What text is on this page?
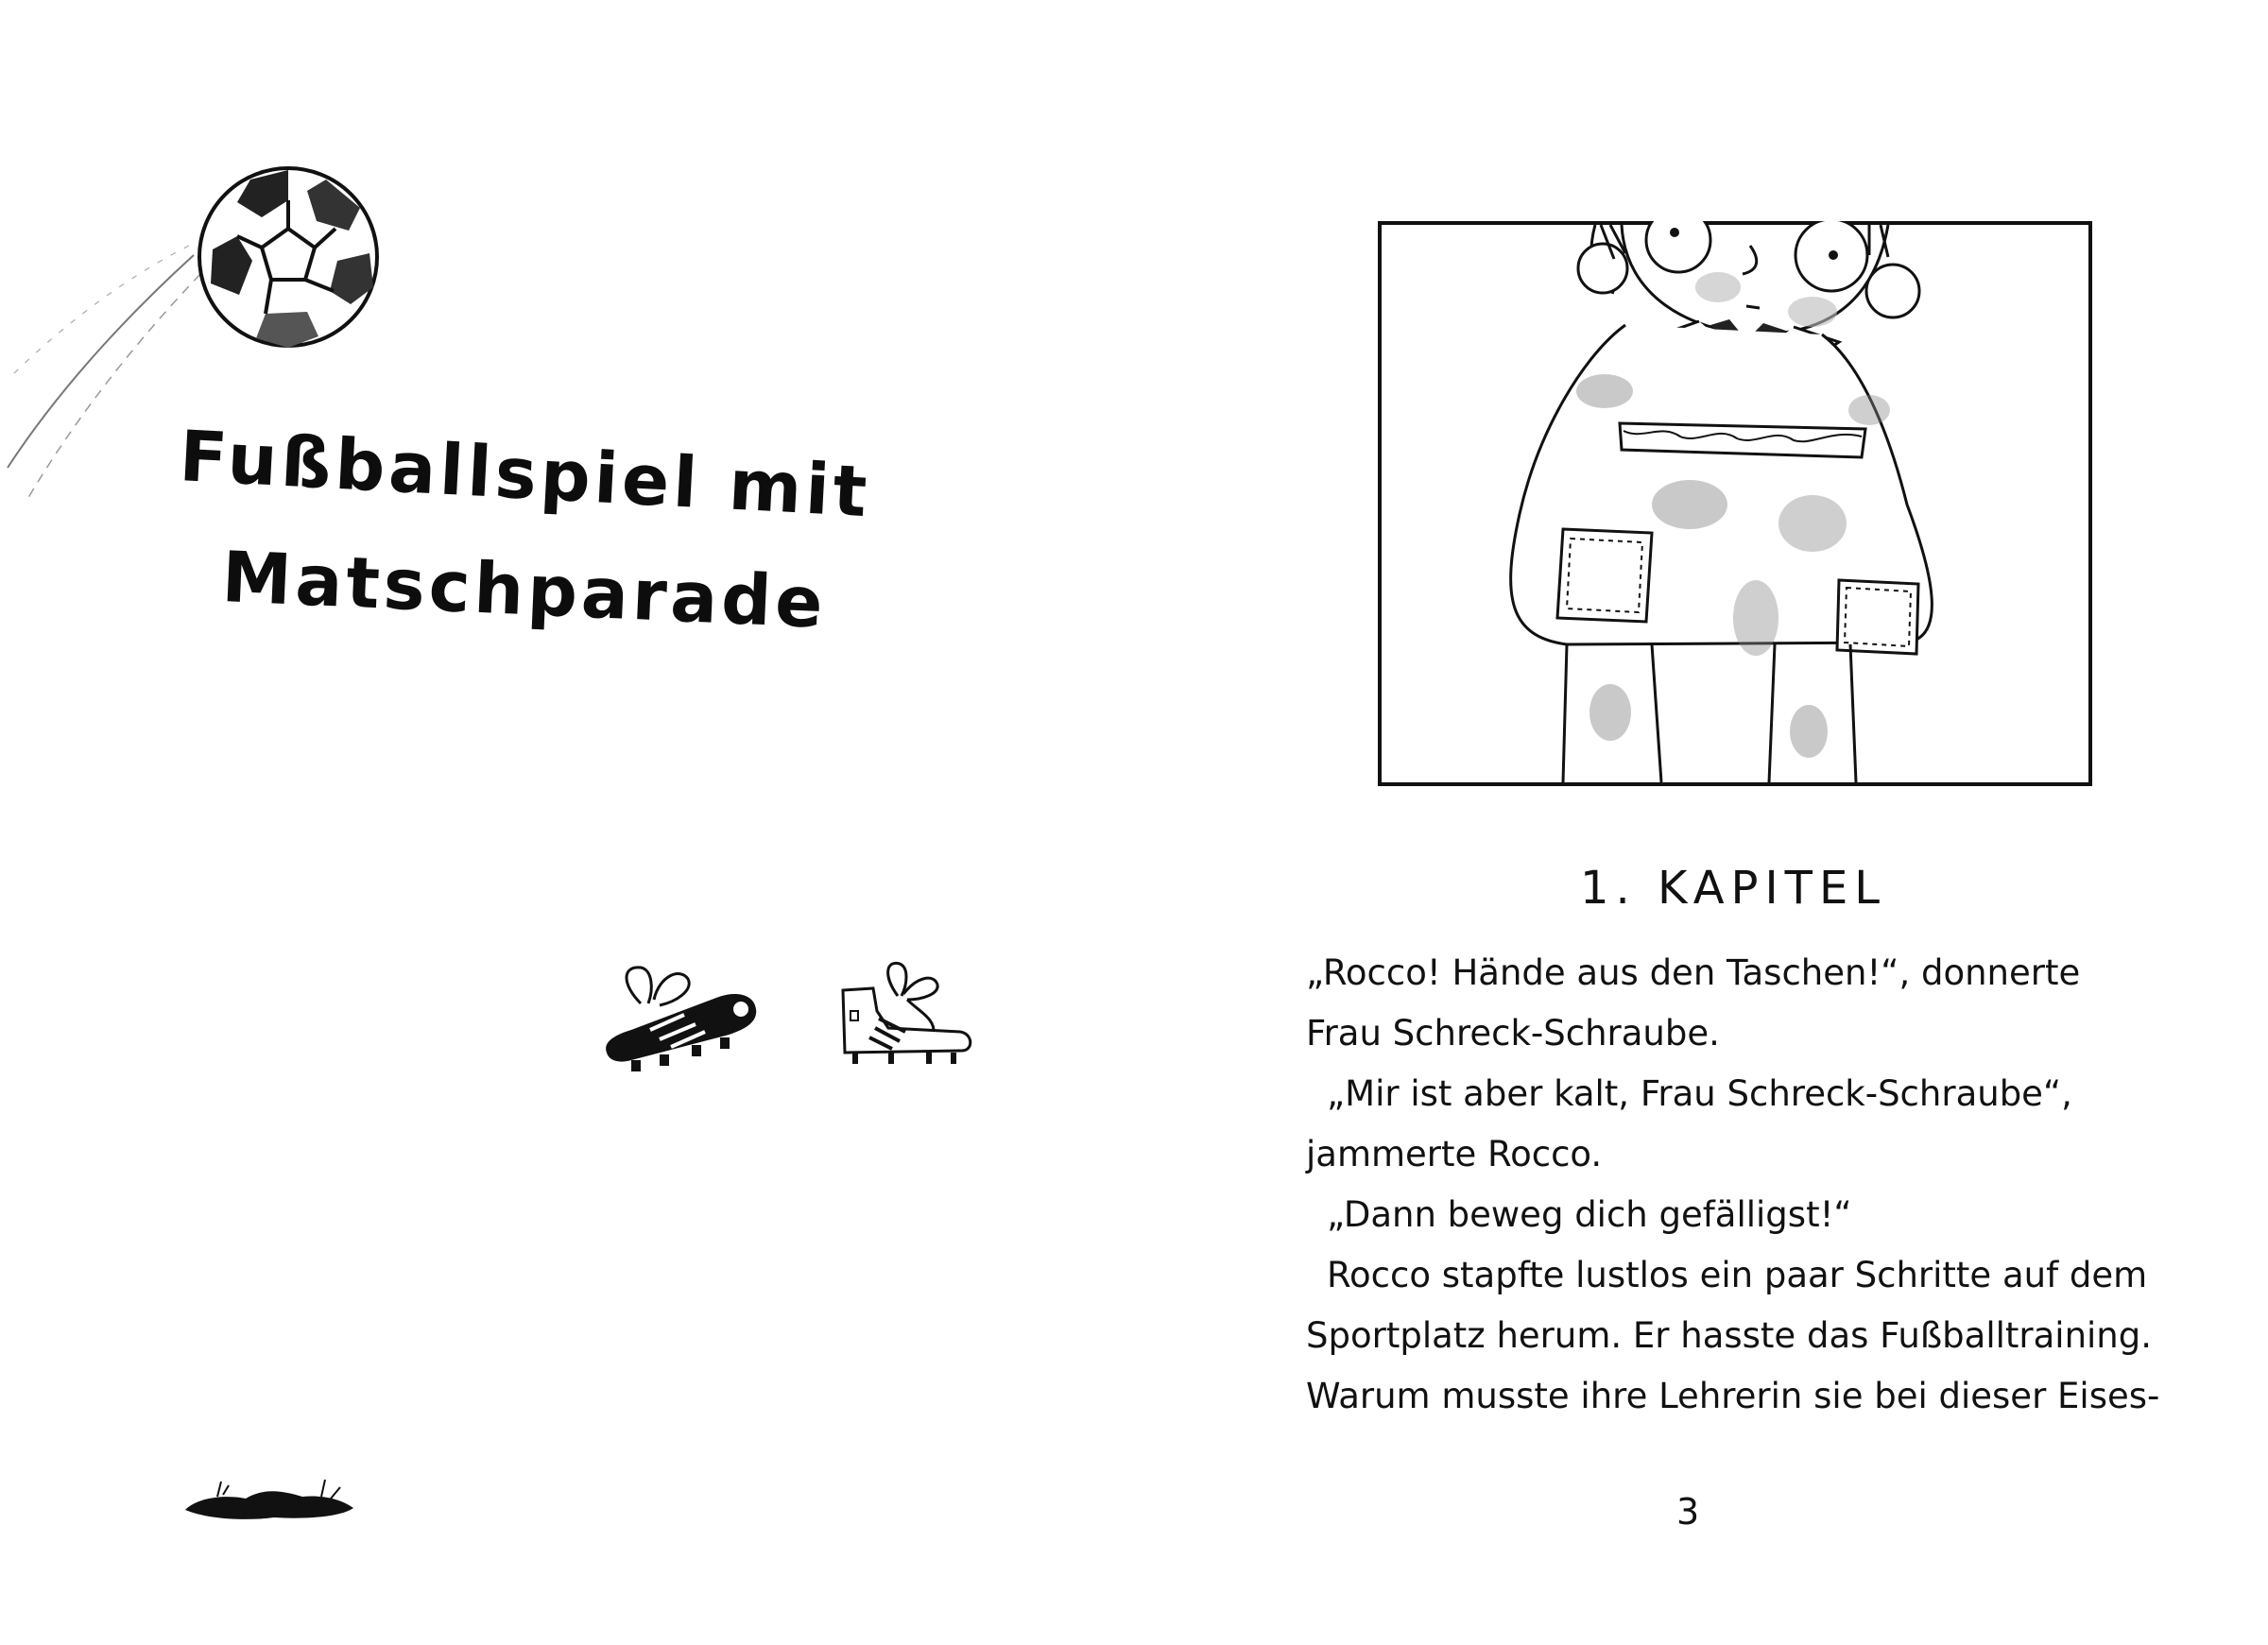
Fußballspiel mit
Matschparade
1. KAPITEL
„Rocco! Hände aus den Taschen!“, donnerte
Frau Schreck-Schraube.
„Mir ist aber kalt, Frau Schreck-Schraube“,
jammerte Rocco.
„Dann beweg dich gefälligst!“
Rocco stapfte lustlos ein paar Schritte auf dem
Sportplatz herum. Er hasste das Fußballtraining.
Warum musste ihre Lehrerin sie bei dieser Eises-
3
